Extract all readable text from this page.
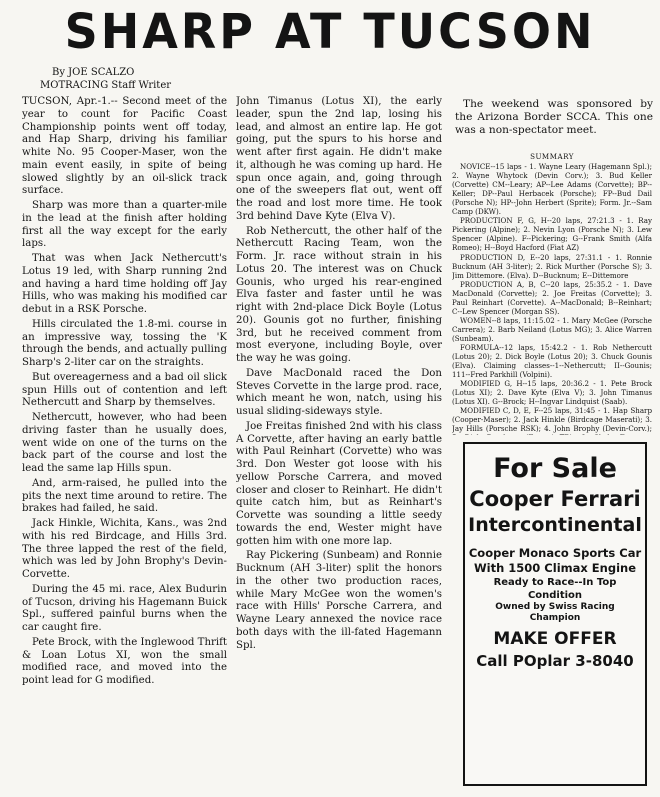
SHARP AT TUCSON
By JOE SCALZO
MOTRACING Staff Writer

TUCSON, Apr.-1.-- Second meet of the year to count for Pacific Coast Championship points went off today, and Hap Sharp, driving his familiar white No. 95 Cooper-Maser, won the main event easily, in spite of being slowed slightly by an oil-slick track surface.

Sharp was more than a quarter-mile in the lead at the finish after holding first all the way except for the early laps.

That was when Jack Nethercutt's Lotus 19 led, with Sharp running 2nd and having a hard time holding off Jay Hills, who was making his modified car debut in a RSK Porsche.

Hills circulated the 1.8-mi. course in an impressive way, tossing the 'K through the bends, and actually pulling Sharp's 2-liter car on the straights.

But overeagerness and a bad oil slick spun Hills out of contention and left Nethercutt and Sharp by themselves.

Nethercutt, however, who had been driving faster than he usually does, went wide on one of the turns on the back part of the course and lost the lead the same lap Hills spun.

And, arm-raised, he pulled into the pits the next time around to retire. The brakes had failed, he said.

Jack Hinkle, Wichita, Kans., was 2nd with his red Birdcage, and Hills 3rd. The three lapped the rest of the field, which was led by John Brophy's Devin-Corvette.

During the 45 mi. race, Alex Budurin of Tucson, driving his Hagemann Buick Spl., suffered painful burns when the car caught fire.

Pete Brock, with the Inglewood Thrift & Loan Lotus XI, won the small modified race, and moved into the point lead for G modified.

John Timanus (Lotus XI), the early leader, spun the 2nd lap, losing his lead, and almost an entire lap. He got going, put the spurs to his horse and went after first again. He didn't make it, although he was coming up hard. He spun once again, and, going through one of the sweepers flat out, went off the road and lost more time. He took 3rd behind Dave Kyte (Elva V).

Rob Nethercutt, the other half of the Nethercutt Racing Team, won the Form. Jr. race without strain in his Lotus 20. The interest was on Chuck Gounis, who urged his rear-engined Elva faster and faster until he was right with 2nd-place Dick Boyle (Lotus 20). Gounis got no further, finishing 3rd, but he received comment from most everyone, including Boyle, over the way he was going.

Dave MacDonald raced the Don Steves Corvette in the large prod. race, which meant he won, natch, using his usual sliding-sideways style.

Joe Freitas finished 2nd with his class A Corvette, after having an early battle with Paul Reinhart (Corvette) who was 3rd. Don Wester got loose with his yellow Porsche Carrera, and moved closer and closer to Reinhart. He didn't quite catch him, but as Reinhart's Corvette was sounding a little seedy towards the end, Wester might have gotten him with one more lap.

Ray Pickering (Sunbeam) and Ronnie Bucknum (AH 3-liter) split the honors in the other two production races, while Mary McGee won the women's race with Hills' Porsche Carrera, and Wayne Leary annexed the novice race both days with the ill-fated Hagemann Spl.

The weekend was sponsored by the Arizona Border SCCA. This one was a non-spectator meet.
SUMMARY

NOVICE--15 laps - 1. Wayne Leary (Hagemann Spl.); 2. Wayne Whytock (Devin Corv.); 3. Bud Keller (Corvette) CM--Leary; AP--Lee Adams (Corvette); BP--Keller; DP--Paul Herbacek (Porsche); FP--Bud Dail (Porsche N); HP--John Herbert (Sprite); Form. Jr.--Sam Camp (DKW).

PRODUCTION F, G, H--20 laps, 27:21.3 - 1. Ray Pickering (Alpine); 2. Nevin Lyon (Porsche N); 3. Lew Spencer (Alpine). F--Pickering; G--Frank Smith (Alfa Romeo); H--Boyd Hacford (Fiat AZ)

PRODUCTION D, E--20 laps, 27:31.1 - 1. Ronnie Bucknum (AH 3-liter); 2. Rick Murther (Porsche S); 3. Jim Dittemore. (Elva). D--Bucknum; E--Dittemore

PRODUCTION A, B, C--20 laps, 25:35.2 - 1. Dave MacDonald (Corvette); 2. Joe Freitas (Corvette); 3. Paul Reinhart (Corvette). A--MacDonald; B--Reinhart; C--Lew Spencer (Morgan SS).

WOMEN--8 laps, 11:15.02 - 1. Mary McGee (Porsche Carrera); 2. Barb Neiland (Lotus MG); 3. Alice Warren (Sunbeam).

FORMULA--12 laps, 15:42.2 - 1. Rob Nethercutt (Lotus 20); 2. Dick Boyle (Lotus 20); 3. Chuck Gounis (Elva). Claiming classes--1--Nethercutt; II--Gounis; 111--Fred Parkhill (Volpini).

MODIFIED G, H--15 laps, 20:36.2 - 1. Pete Brock (Lotus XI); 2. Dave Kyte (Elva V); 3. John Timanus (Lotus XI). G--Brock; H--Ingvar Lindquist (Saab).

MODIFIED C, D, E, F--25 laps, 31:45 - 1. Hap Sharp (Cooper-Maser); 2. Jack Hinkle (Birdcage Maserati); 3. Jay Hills (Porsche RSK); 4. John Brophy (Devin-Corv.);

For Sale
Cooper Ferrari
Intercontinental
Cooper Monaco Sports Car
With 1500 Climax Engine
Ready to Race--In Top Condition
Owned by Swiss Racing
Champion
MAKE OFFER
Call POplar 3-8040
